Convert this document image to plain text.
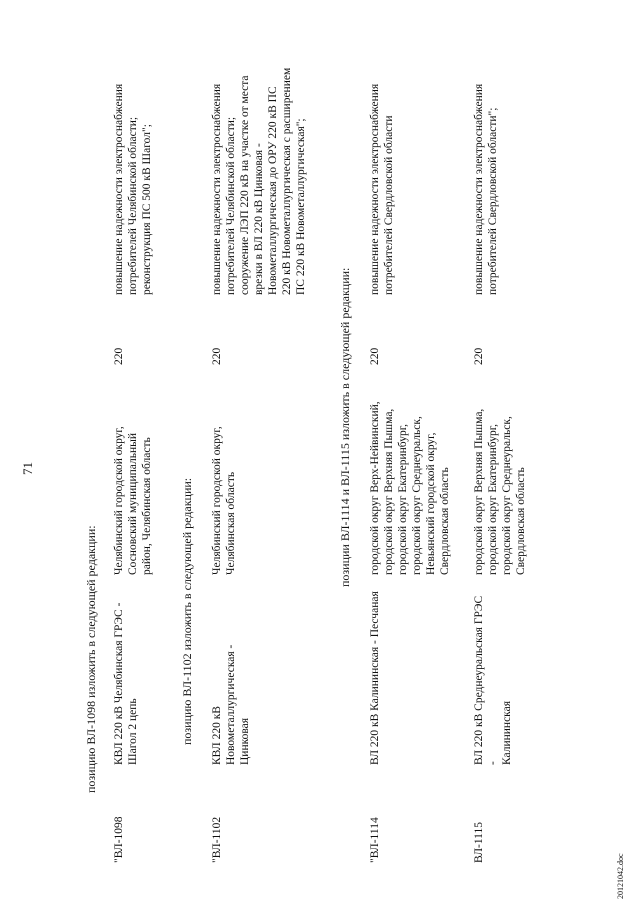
71
позицию ВЛ-1098 изложить в следующей редакции:
"ВЛ-1098
КВЛ 220 кВ Челябинская ГРЭС -
Шагол 2 цепь
Челябинский городской округ,
Сосновский муниципальный
район, Челябинская область
220
повышение надежности электроснабжения
потребителей Челябинской области;
реконструкция ПС 500 кВ Шагол";
позицию ВЛ-1102 изложить в следующей редакции:
"ВЛ-1102
КВЛ 220 кВ Новометаллургическая -
Цинковая
Челябинский городской округ,
Челябинская область
220
повышение надежности электроснабжения
потребителей Челябинской области;
сооружение ЛЭП 220 кВ на участке от места
врезки в ВЛ 220 кВ Цинковая -
Новометаллургическая до ОРУ 220 кВ ПС
220 кВ Новометаллургическая с расширением
ПС 220 кВ Новометаллургическая";
позиции ВЛ-1114 и ВЛ-1115 изложить в следующей редакции:
"ВЛ-1114
ВЛ 220 кВ Калининская - Песчаная
городской округ Верх-Нейвинский,
городской округ Верхняя Пышма,
городской округ Екатеринбург,
городской округ Среднеуральск,
Невьянский городской округ,
Свердловская область
220
повышение надежности электроснабжения
потребителей Свердловской области
ВЛ-1115
ВЛ 220 кВ Среднеуральская ГРЭС -
Калининская
городской округ Верхняя Пышма,
городской округ Екатеринбург,
городской округ Среднеуральск,
Свердловская область
220
повышение надежности электроснабжения
потребителей Свердловской области";
20121042.doc
